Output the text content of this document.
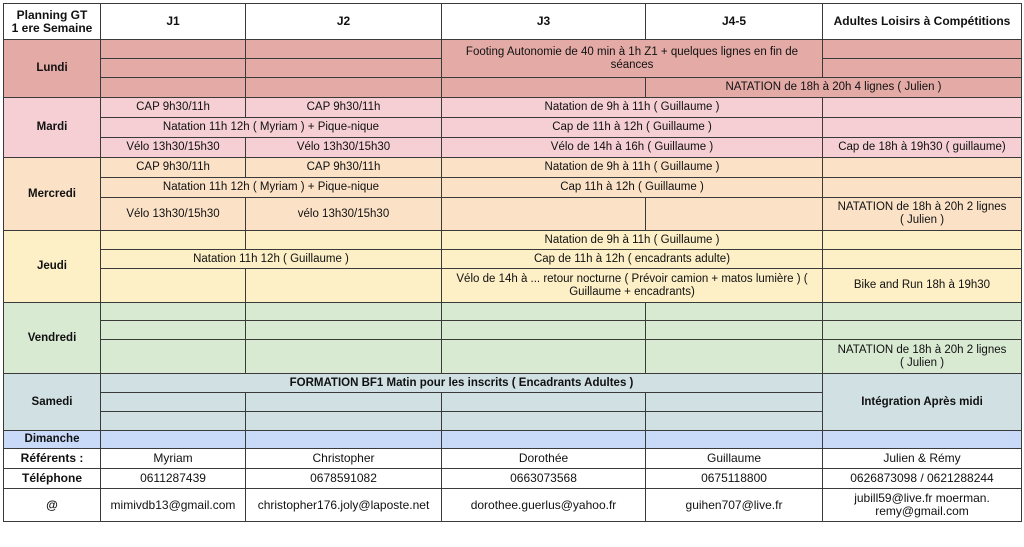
Planning GT
1 ere Semaine	J1	J2	J3	J4-5	Adultes Loisirs à Compétitions
Lundi			Footing Autonomie de 40 min à 1h Z1 + quelques lignes en fin de séances		

				NATATION de 18h à 20h 4 lignes ( Julien )	
Mardi	CAP 9h30/11h	CAP 9h30/11h	Natation de 9h à 11h ( Guillaume )		
	Natation 11h 12h ( Myriam ) + Pique-nique		Cap de 11h à 12h ( Guillaume )		
	Vélo 13h30/15h30	Vélo 13h30/15h30	Vélo de 14h à 16h ( Guillaume )		Cap de 18h à 19h30 ( guillaume)
Mercredi	CAP 9h30/11h	CAP 9h30/11h	Natation de 9h à 11h ( Guillaume )		
	Natation 11h 12h ( Myriam ) + Pique-nique		Cap 11h à 12h ( Guillaume )		
	Vélo 13h30/15h30	vélo 13h30/15h30			NATATION de 18h à 20h 2 lignes
( Julien )
Jeudi			Natation de 9h à 11h ( Guillaume )		
	Natation 11h 12h ( Guillaume )		Cap de 11h à 12h ( encadrants adulte)		
			Vélo de 14h à ... retour nocturne ( Prévoir camion + matos lumière ) (
Guillaume + encadrants)		Bike and Run 18h à 19h30
Vendredi					

					NATATION de 18h à 20h 2 lignes
( Julien )
Samedi	FORMATION BF1 Matin pour les inscrits ( Encadrants Adultes )				Intégration Après midi

Dimanche					
Référents :	Myriam	Christopher	Dorothée	Guillaume	Julien & Rémy
Téléphone	0611287439	0678591082	0663073568	0675118800	0626873098 / 0621288244
@	mimivdb13@gmail.com	christopher176.joly@laposte.net	dorothee.guerlus@yahoo.fr	guihen707@live.fr	jubill59@live.fr moerman.
remy@gmail.com
